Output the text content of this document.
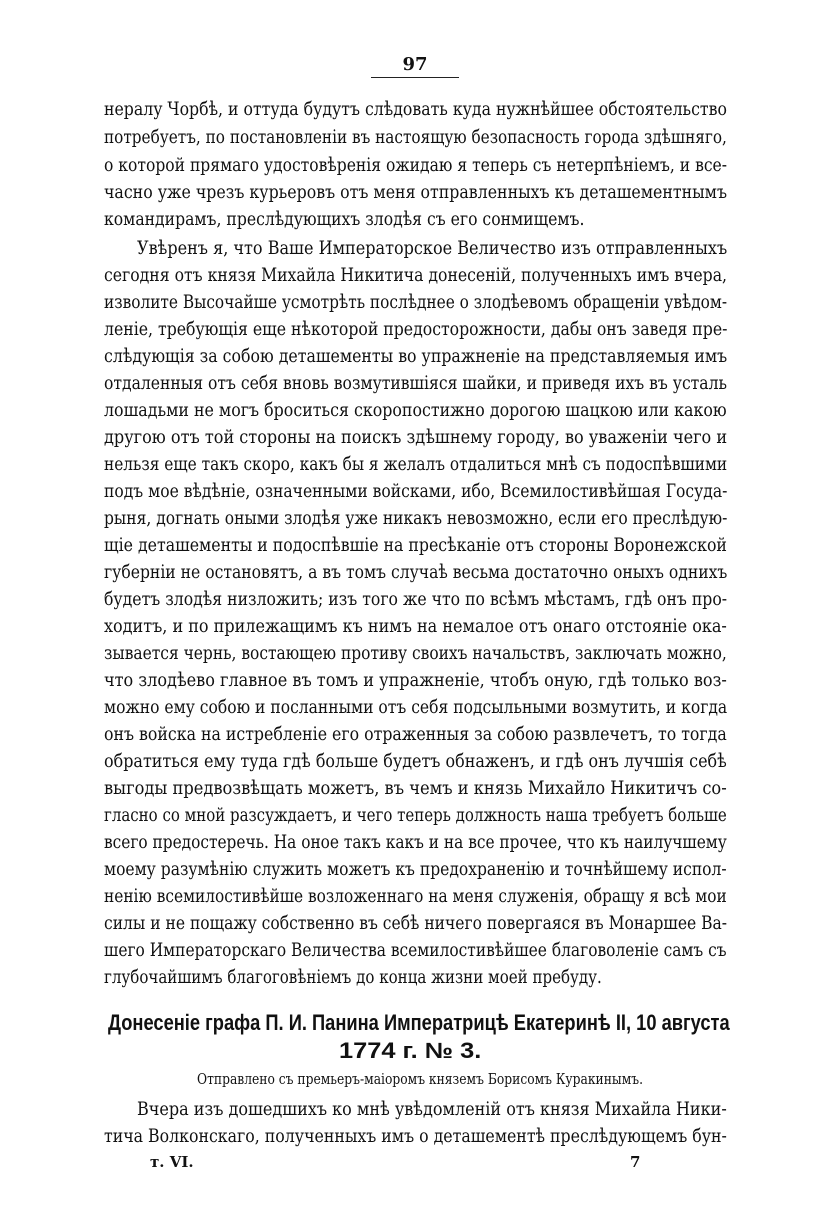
97
нералу Чорбѣ, и оттуда будутъ слѣдовать куда нужнѣйшее обстоятельство
потребуетъ, по постановленіи въ настоящую безопасность города здѣшняго,
о которой прямаго удостовѣренія ожидаю я теперь съ нетерпѣніемъ, и все-
часно уже чрезъ курьеровъ отъ меня отправленныхъ къ деташементнымъ
командирамъ, преслѣдующихъ злодѣя съ его сонмищемъ.
Увѣренъ я, что Ваше Императорское Величество изъ отправленныхъ
сегодня отъ князя Михайла Никитича донесеній, полученныхъ имъ вчера,
изволите Высочайше усмотрѣть послѣднее о злодѣевомъ обращеніи увѣдом-
леніе, требующія еще нѣкоторой предосторожности, дабы онъ заведя пре-
слѣдующія за собою деташементы во упражненіе на представляемыя имъ
отдаленныя отъ себя вновь возмутившіяся шайки, и приведя ихъ въ усталь
лошадьми не могъ броситься скоропостижно дорогою шацкою или какою
другою отъ той стороны на поискъ здѣшнему городу, во уваженіи чего и
нельзя еще такъ скоро, какъ бы я желалъ отдалиться мнѣ съ подоспѣвшими
подъ мое вѣдѣніе, означенными войсками, ибо, Всемилостивѣйшая Госуда-
рыня, догнать оными злодѣя уже никакъ невозможно, если его преслѣдую-
щіе деташементы и подоспѣвшіе на пресѣканіе отъ стороны Воронежской
губерніи не остановятъ, а въ томъ случаѣ весьма достаточно оныхъ однихъ
будетъ злодѣя низложить; изъ того же что по всѣмъ мѣстамъ, гдѣ онъ про-
ходитъ, и по прилежащимъ къ нимъ на немалое отъ онаго отстояніе ока-
зывается чернь, востающею противу своихъ начальствъ, заключать можно,
что злодѣево главное въ томъ и упражненіе, чтобъ оную, гдѣ только воз-
можно ему собою и посланными отъ себя подсыльными возмутить, и когда
онъ войска на истребленіе его отраженныя за собою развлечетъ, то тогда
обратиться ему туда гдѣ больше будетъ обнаженъ, и гдѣ онъ лучшія себѣ
выгоды предвозвѣщать можетъ, въ чемъ и князь Михайло Никитичъ со-
гласно со мной разсуждаетъ, и чего теперь должность наша требуетъ больше
всего предостеречь. На оное такъ какъ и на все прочее, что къ наилучшему
моему разумѣнію служить можетъ къ предохраненію и точнѣйшему испол-
ненію всемилостивѣйше возложеннаго на меня служенія, обращу я всѣ мои
силы и не пощажу собственно въ себѣ ничего повергаяся въ Монаршее Ва-
шего Императорскаго Величества всемилостивѣйшее благоволеніе самъ съ
глубочайшимъ благоговѣніемъ до конца жизни моей пребуду.
Донесеніе графа П. И. Панина Императрицѣ Екатеринѣ II, 10 августа
1774 г. № 3.
Отправлено съ премьеръ-маіоромъ княземъ Борисомъ Куракинымъ.
Вчера изъ дошедшихъ ко мнѣ увѣдомленій отъ князя Михайла Ники-
тича Волконскаго, полученныхъ имъ о деташементѣ преслѣдующемъ бун-
т. VI.	7
